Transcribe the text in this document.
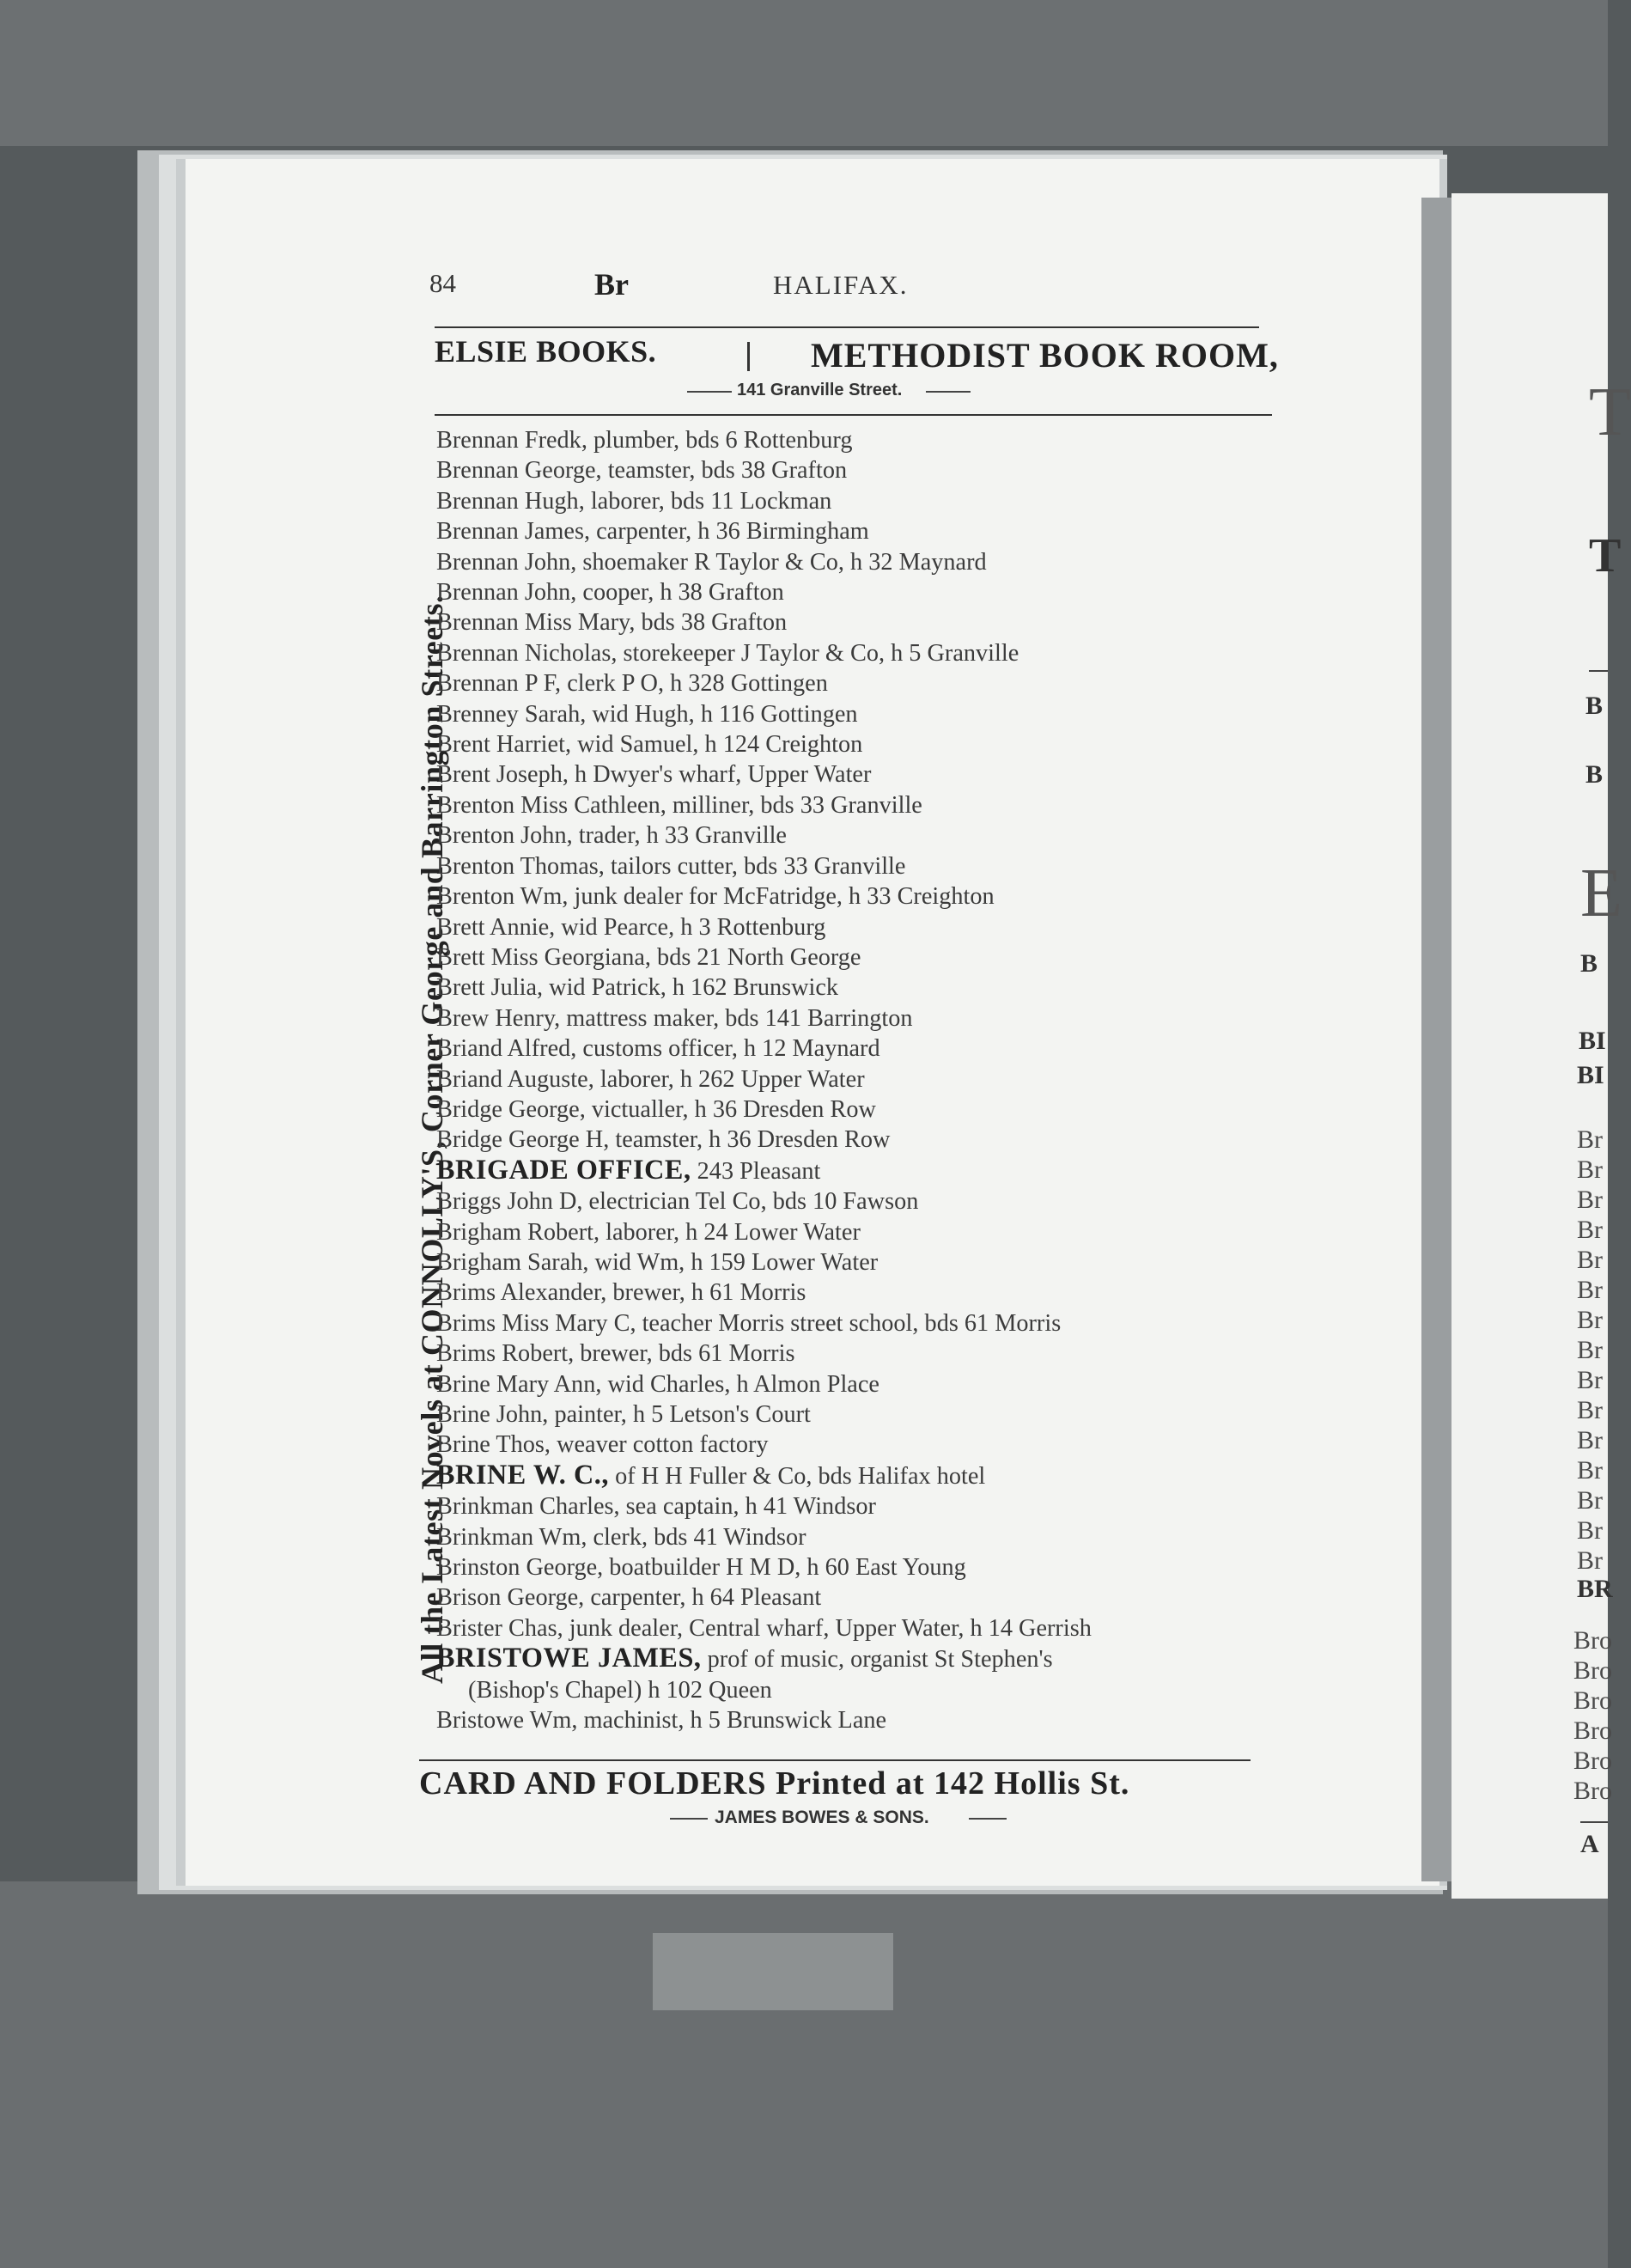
T
T
B
B
E
B
BI
BI
Br
Br
Br
Br
Br
Br
Br
Br
Br
Br
Br
Br
Br
Br
Br
BR
Bro
Bro
Bro
Bro
Bro
Bro
A
84	Br	HALIFAX.
ELSIE BOOKS.	METHODIST BOOK ROOM,
141 Granville Street.
All the Latest Novels at CONNOLLY'S, Corner George and Barrington Streets.
Brennan Fredk, plumber, bds 6 Rottenburg
Brennan George, teamster, bds 38 Grafton
Brennan Hugh, laborer, bds 11 Lockman
Brennan James, carpenter, h 36 Birmingham
Brennan John, shoemaker R Taylor & Co, h 32 Maynard
Brennan John, cooper, h 38 Grafton
Brennan Miss Mary, bds 38 Grafton
Brennan Nicholas, storekeeper J Taylor & Co, h 5 Granville
Brennan P F, clerk P O, h 328 Gottingen
Brenney Sarah, wid Hugh, h 116 Gottingen
Brent Harriet, wid Samuel, h 124 Creighton
Brent Joseph, h Dwyer's wharf, Upper Water
Brenton Miss Cathleen, milliner, bds 33 Granville
Brenton John, trader, h 33 Granville
Brenton Thomas, tailors cutter, bds 33 Granville
Brenton Wm, junk dealer for McFatridge, h 33 Creighton
Brett Annie, wid Pearce, h 3 Rottenburg
Brett Miss Georgiana, bds 21 North George
Brett Julia, wid Patrick, h 162 Brunswick
Brew Henry, mattress maker, bds 141 Barrington
Briand Alfred, customs officer, h 12 Maynard
Briand Auguste, laborer, h 262 Upper Water
Bridge George, victualler, h 36 Dresden Row
Bridge George H, teamster, h 36 Dresden Row
BRIGADE OFFICE, 243 Pleasant
Briggs John D, electrician Tel Co, bds 10 Fawson
Brigham Robert, laborer, h 24 Lower Water
Brigham Sarah, wid Wm, h 159 Lower Water
Brims Alexander, brewer, h 61 Morris
Brims Miss Mary C, teacher Morris street school, bds 61 Morris
Brims Robert, brewer, bds 61 Morris
Brine Mary Ann, wid Charles, h Almon Place
Brine John, painter, h 5 Letson's Court
Brine Thos, weaver cotton factory
BRINE W. C., of H H Fuller & Co, bds Halifax hotel
Brinkman Charles, sea captain, h 41 Windsor
Brinkman Wm, clerk, bds 41 Windsor
Brinston George, boatbuilder H M D, h 60 East Young
Brison George, carpenter, h 64 Pleasant
Brister Chas, junk dealer, Central wharf, Upper Water, h 14 Gerrish
BRISTOWE JAMES, prof of music, organist St Stephen's
(Bishop's Chapel) h 102 Queen
Bristowe Wm, machinist, h 5 Brunswick Lane
CARD AND FOLDERS Printed at 142 Hollis St.
JAMES BOWES & SONS.
